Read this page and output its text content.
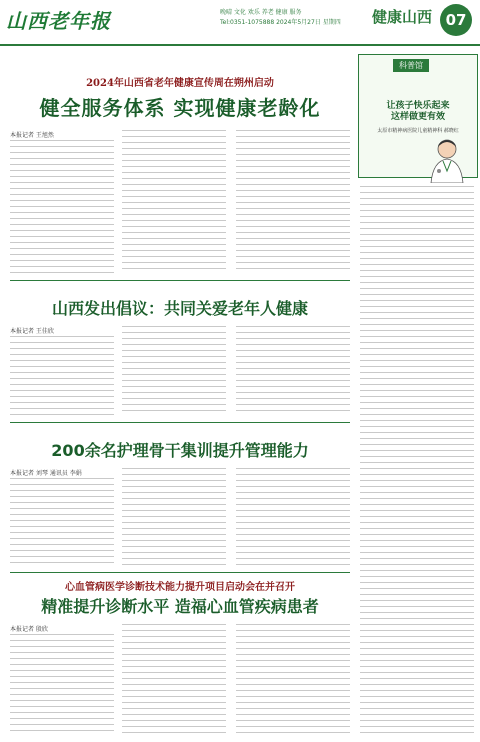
山西老年报	晚晴 文化 欢乐 养老 健康 服务
Tel:0351-1075888 2024年5月27日 星期四 健康山西 07
2024年山西省老年健康宣传周在朔州启动
健全服务体系 实现健康老龄化
本报记者 王旭然
山西发出倡议：共同关爱老年人健康
本报记者 王佳欣
200余名护理骨干集训提升管理能力
本报记者 刘琴 通讯员 李娟
心血管病医学诊断技术能力提升项目启动会在并召开
精准提升诊断水平 造福心血管疾病患者
本报记者 殷欣
科普馆
让孩子快乐起来
这样做更有效
太原市精神病医院儿童精神科 郝晓红
